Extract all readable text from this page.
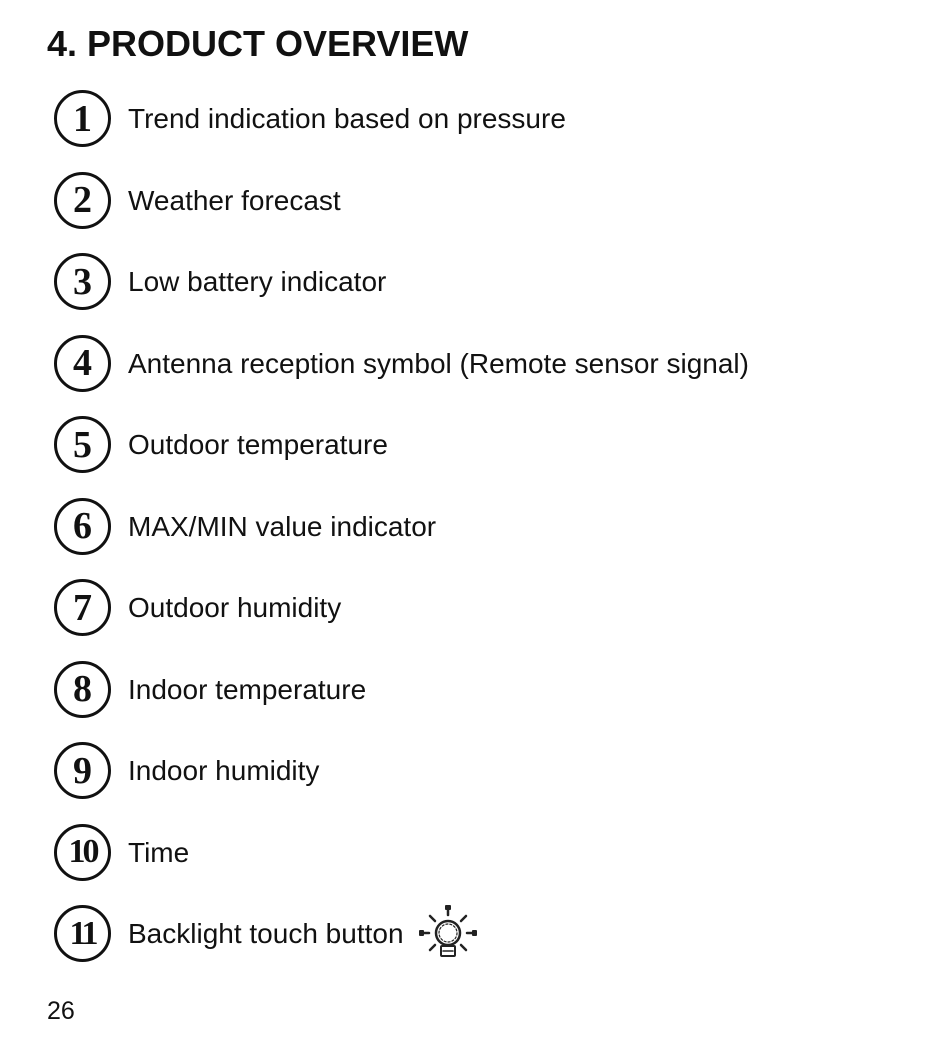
4. PRODUCT OVERVIEW
1	Trend indication based on pressure
2	Weather forecast
3	Low battery indicator
4	Antenna reception symbol (Remote sensor signal)
5	Outdoor temperature
6	MAX/MIN value indicator
7	Outdoor humidity
8	Indoor temperature
9	Indoor humidity
10	Time
11	Backlight touch button
26
